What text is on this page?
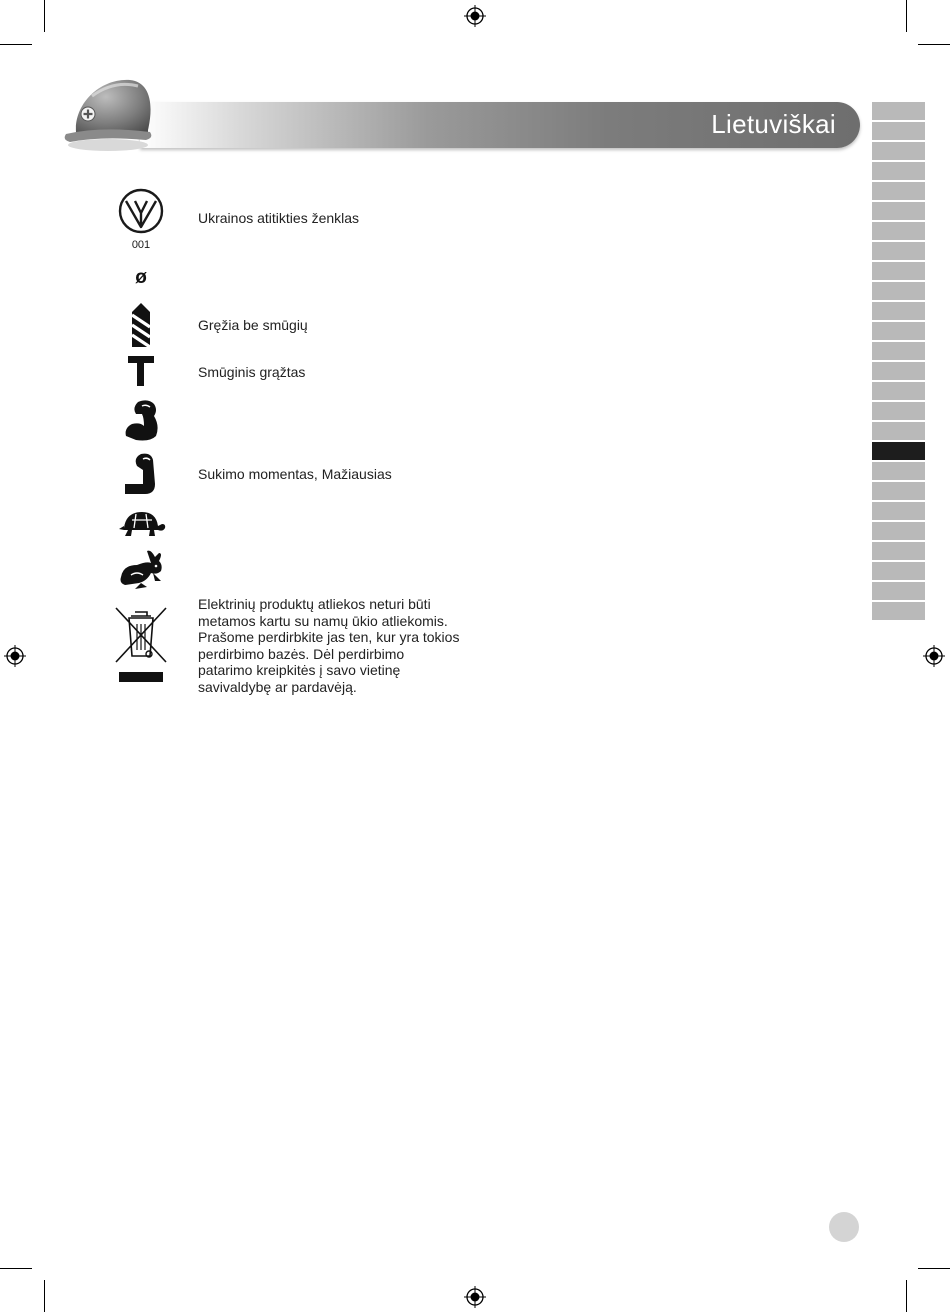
Lietuviškai
001
Ukrainos atitikties ženklas
ø
Gręžia be smūgių
Smūginis grąžtas
Sukimo momentas, Mažiausias
Elektrinių produktų atliekos neturi būti metamos kartu su namų ūkio atliekomis. Prašome perdirbkite jas ten, kur yra tokios perdirbimo bazės. Dėl perdirbimo patarimo kreipkitės į savo vietinę savivaldybę ar pardavėją.
